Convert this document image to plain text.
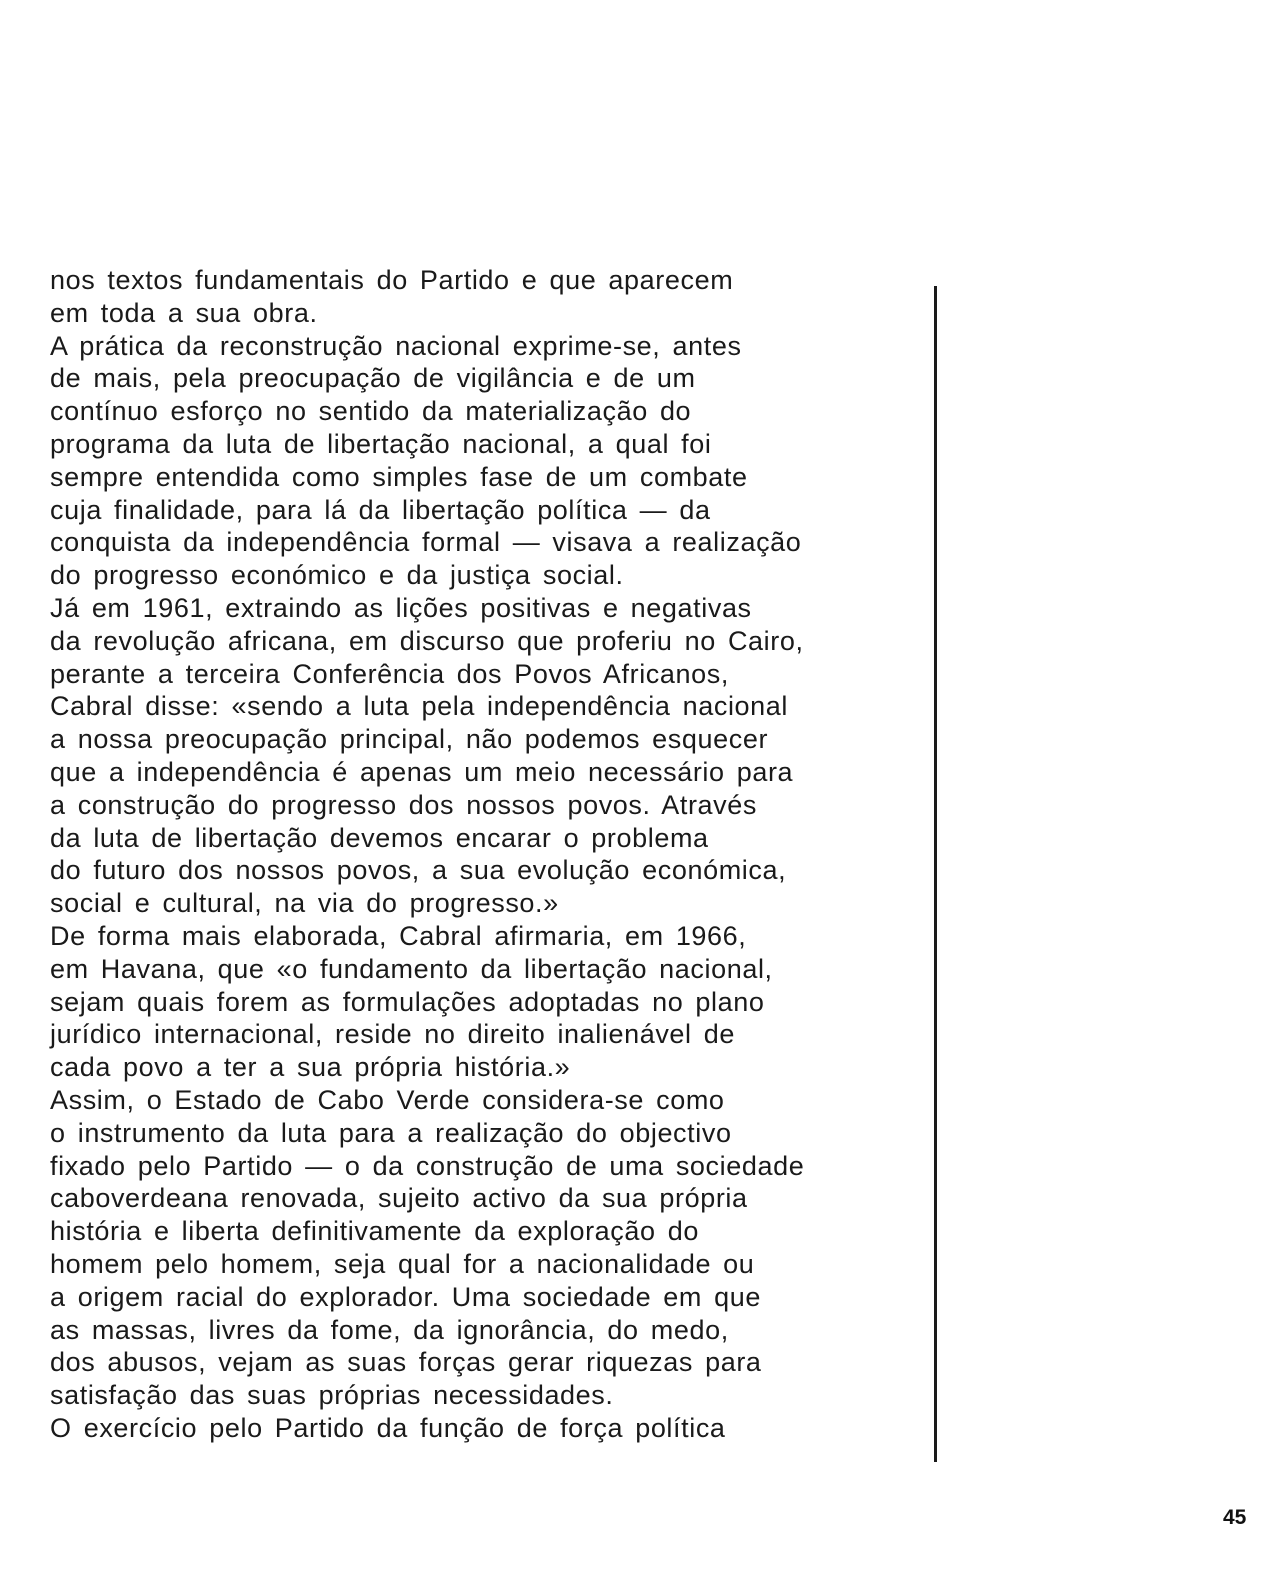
nos textos fundamentais do Partido e que aparecem
em toda a sua obra.
A prática da reconstrução nacional exprime-se, antes
de mais, pela preocupação de vigilância e de um
contínuo esforço no sentido da materialização do
programa da luta de libertação nacional, a qual foi
sempre entendida como simples fase de um combate
cuja finalidade, para lá da libertação política — da
conquista da independência formal — visava a realização
do progresso económico e da justiça social.
Já em 1961, extraindo as lições positivas e negativas
da revolução africana, em discurso que proferiu no Cairo,
perante a terceira Conferência dos Povos Africanos,
Cabral disse: «sendo a luta pela independência nacional
a nossa preocupação principal, não podemos esquecer
que a independência é apenas um meio necessário para
a construção do progresso dos nossos povos. Através
da luta de libertação devemos encarar o problema
do futuro dos nossos povos, a sua evolução económica,
social e cultural, na via do progresso.»
De forma mais elaborada, Cabral afirmaria, em 1966,
em Havana, que «o fundamento da libertação nacional,
sejam quais forem as formulações adoptadas no plano
jurídico internacional, reside no direito inalienável de
cada povo a ter a sua própria história.»
Assim, o Estado de Cabo Verde considera-se como
o instrumento da luta para a realização do objectivo
fixado pelo Partido — o da construção de uma sociedade
caboverdeana renovada, sujeito activo da sua própria
história e liberta definitivamente da exploração do
homem pelo homem, seja qual for a nacionalidade ou
a origem racial do explorador. Uma sociedade em que
as massas, livres da fome, da ignorância, do medo,
dos abusos, vejam as suas forças gerar riquezas para
satisfação das suas próprias necessidades.
O exercício pelo Partido da função de força política
45
